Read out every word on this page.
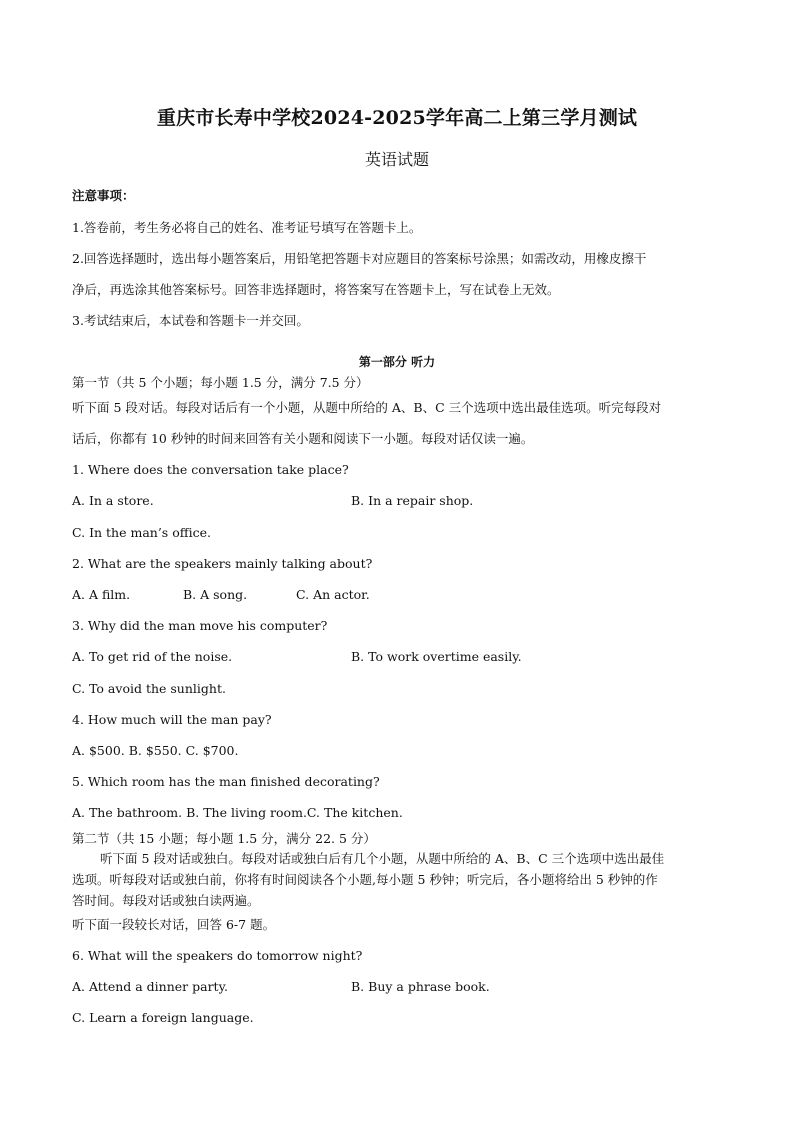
重庆市长寿中学校2024-2025学年高二上第三学月测试
英语试题
注意事项：
1.答卷前，考生务必将自己的姓名、准考证号填写在答题卡上。
2.回答选择题时，选出每小题答案后，用铅笔把答题卡对应题目的答案标号涂黑；如需改动，用橡皮擦干
净后，再选涂其他答案标号。回答非选择题时，将答案写在答题卡上，写在试卷上无效。
3.考试结束后，本试卷和答题卡一并交回。
第一部分 听力
第一节（共 5 个小题；每小题 1.5 分，满分 7.5 分）
听下面 5 段对话。每段对话后有一个小题，从题中所给的 A、B、C 三个选项中选出最佳选项。听完每段对
话后，你都有 10 秒钟的时间来回答有关小题和阅读下一小题。每段对话仅读一遍。
1. Where does the conversation take place?
A. In a store.	B. In a repair shop.
C. In the man’s office.
2. What are the speakers mainly talking about?
A. A film.	B. A song.	C. An actor.
3. Why did the man move his computer?
A. To get rid of the noise.	B. To work overtime easily.
C. To avoid the sunlight.
4. How much will the man pay?
A. $500. B. $550. C. $700.
5. Which room has the man finished decorating?
A. The bathroom. B. The living room.C. The kitchen.
第二节（共 15 小题；每小题 1.5 分，满分 22. 5 分）
听下面 5 段对话或独白。每段对话或独白后有几个小题，从题中所给的 A、B、C 三个选项中选出最佳
选项。听每段对话或独白前，你将有时间阅读各个小题,每小题 5 秒钟；听完后，各小题将给出 5 秒钟的作
答时间。每段对话或独白读两遍。
听下面一段较长对话，回答 6-7 题。
6. What will the speakers do tomorrow night?
A. Attend a dinner party.	B. Buy a phrase book.
C. Learn a foreign language.
